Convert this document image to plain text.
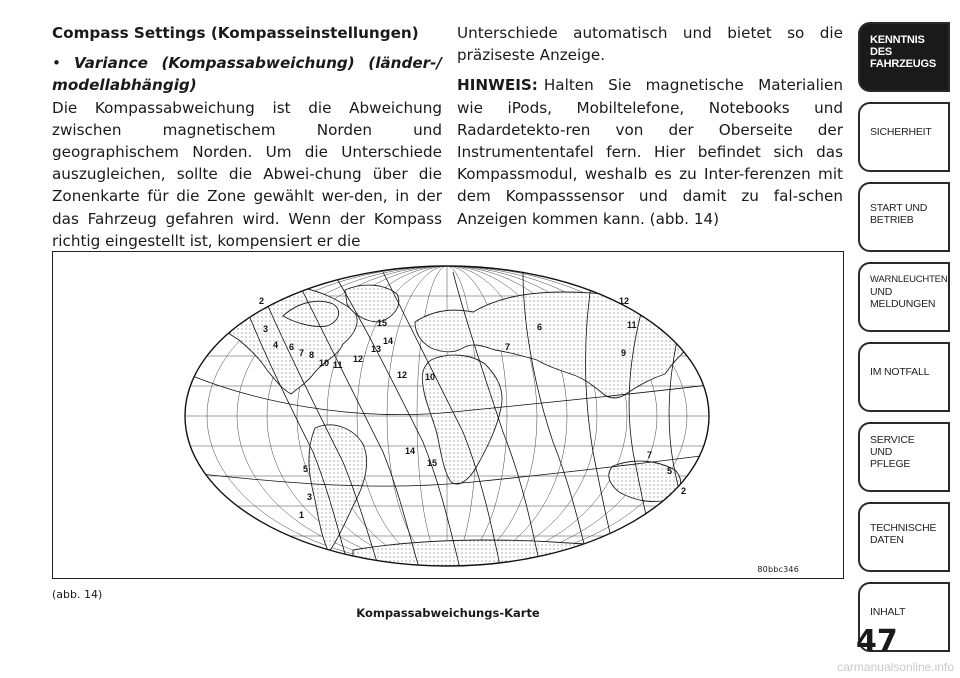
Compass Settings (Kompasseinstellungen)

• Variance (Kompassabweichung) (länder-/ modellabhängig)

Die Kompassabweichung ist die Abweichung zwischen magnetischem Norden und geographischem Norden. Um die Unterschiede auszugleichen, sollte die Abwei-chung über die Zonenkarte für die Zone gewählt wer-den, in der das Fahrzeug gefahren wird. Wenn der Kompass richtig eingestellt ist, kompensiert er die

Unterschiede automatisch und bietet so die präziseste Anzeige.

HINWEIS: Halten Sie magnetische Materialien wie iPods, Mobiltelefone, Notebooks und Radardetekto-ren von der Oberseite der Instrumententafel fern. Hier befindet sich das Kompassmodul, weshalb es zu Inter-ferenzen mit dem Kompasssensor und damit zu fal-schen Anzeigen kommen kann. (abb. 14)

2
3
4 6
7 8
10 11
12
13
14
15
12 10
14
15
7
6
12
11
9
7
5
2
5
3
1
80bbc346
(abb. 14)
Kompassabweichungs-Karte
KENNTNIS
DES
FAHRZEUGS
SICHERHEIT
START UND
BETRIEB
WARNLEUCHTEN
UND
MELDUNGEN
IM NOTFALL
SERVICE
UND
PFLEGE
TECHNISCHE
DATEN
INHALT
47
carmanualsonline.info
